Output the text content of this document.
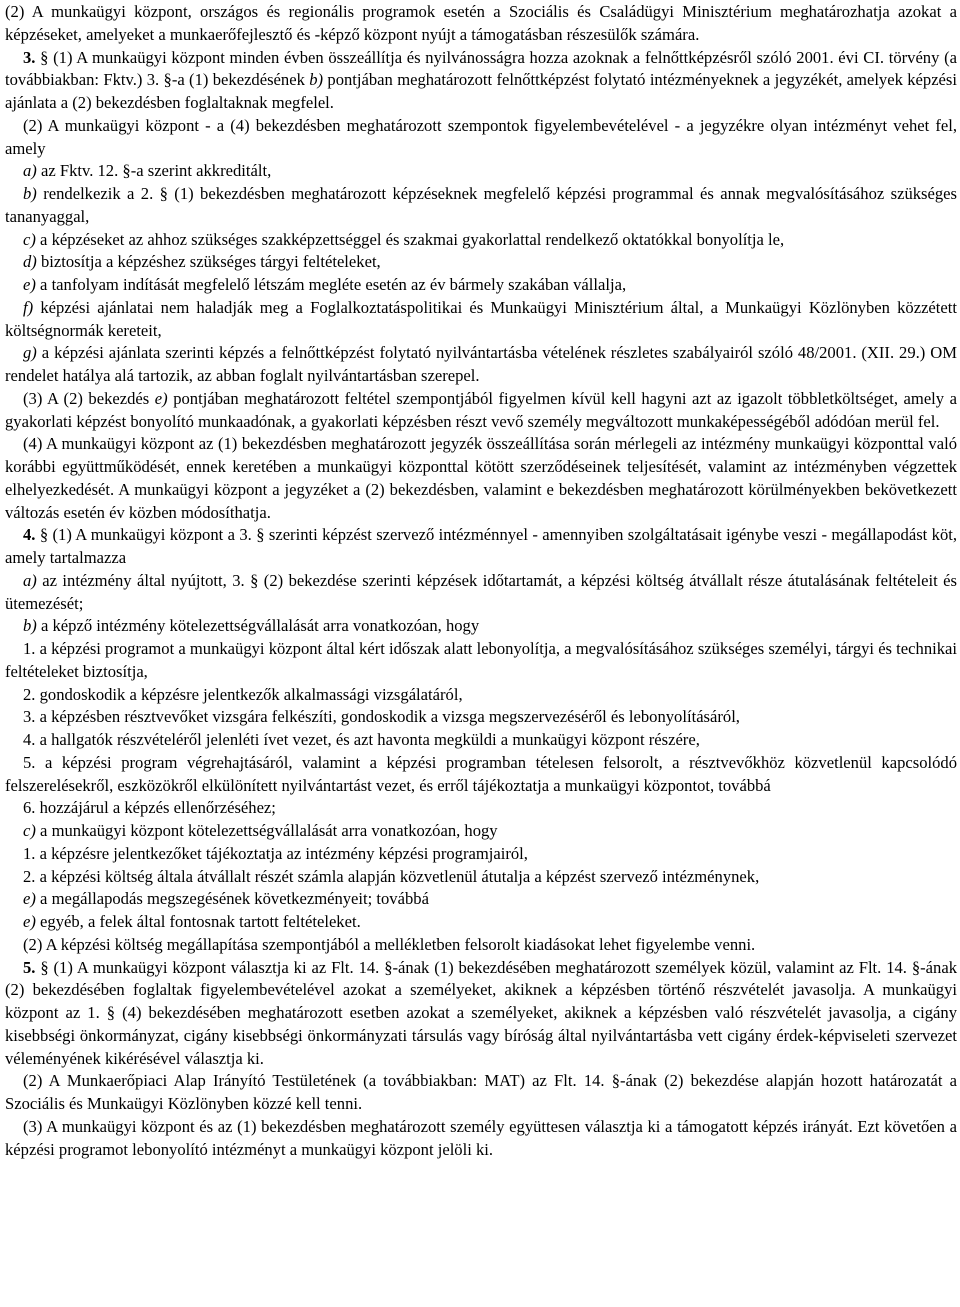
(2) A munkaügyi központ, országos és regionális programok esetén a Szociális és Családügyi Minisztérium meghatározhatja azokat a képzéseket, amelyeket a munkaerőfejlesztő és -képző központ nyújt a támogatásban részesülők számára.

3. § (1) A munkaügyi központ minden évben összeállítja és nyilvánosságra hozza azoknak a felnőttképzésről szóló 2001. évi CI. törvény (a továbbiakban: Fktv.) 3. §-a (1) bekezdésének b) pontjában meghatározott felnőttképzést folytató intézményeknek a jegyzékét, amelyek képzési ajánlata a (2) bekezdésben foglaltaknak megfelel.

(2) A munkaügyi központ - a (4) bekezdésben meghatározott szempontok figyelembevételével - a jegyzékre olyan intézményt vehet fel, amely

a) az Fktv. 12. §-a szerint akkreditált,

b) rendelkezik a 2. § (1) bekezdésben meghatározott képzéseknek megfelelő képzési programmal és annak megvalósításához szükséges tananyaggal,

c) a képzéseket az ahhoz szükséges szakképzettséggel és szakmai gyakorlattal rendelkező oktatókkal bonyolítja le,

d) biztosítja a képzéshez szükséges tárgyi feltételeket,

e) a tanfolyam indítását megfelelő létszám megléte esetén az év bármely szakában vállalja,

f) képzési ajánlatai nem haladják meg a Foglalkoztatáspolitikai és Munkaügyi Minisztérium által, a Munkaügyi Közlönyben közzétett költségnormák kereteit,

g) a képzési ajánlata szerinti képzés a felnőttképzést folytató nyilvántartásba vételének részletes szabályairól szóló 48/2001. (XII. 29.) OM rendelet hatálya alá tartozik, az abban foglalt nyilvántartásban szerepel.

(3) A (2) bekezdés e) pontjában meghatározott feltétel szempontjából figyelmen kívül kell hagyni azt az igazolt többletköltséget, amely a gyakorlati képzést bonyolító munkaadónak, a gyakorlati képzésben részt vevő személy megváltozott munkaképességéből adódóan merül fel.

(4) A munkaügyi központ az (1) bekezdésben meghatározott jegyzék összeállítása során mérlegeli az intézmény munkaügyi központtal való korábbi együttműködését, ennek keretében a munkaügyi központtal kötött szerződéseinek teljesítését, valamint az intézményben végzettek elhelyezkedését. A munkaügyi központ a jegyzéket a (2) bekezdésben, valamint e bekezdésben meghatározott körülményekben bekövetkezett változás esetén év közben módosíthatja.

4. § (1) A munkaügyi központ a 3. § szerinti képzést szervező intézménnyel - amennyiben szolgáltatásait igénybe veszi - megállapodást köt, amely tartalmazza

a) az intézmény által nyújtott, 3. § (2) bekezdése szerinti képzések időtartamát, a képzési költség átvállalt része átutalásának feltételeit és ütemezését;

b) a képző intézmény kötelezettségvállalását arra vonatkozóan, hogy

1. a képzési programot a munkaügyi központ által kért időszak alatt lebonyolítja, a megvalósításához szükséges személyi, tárgyi és technikai feltételeket biztosítja,

2. gondoskodik a képzésre jelentkezők alkalmassági vizsgálatáról,

3. a képzésben résztvevőket vizsgára felkészíti, gondoskodik a vizsga megszervezéséről és lebonyolításáról,

4. a hallgatók részvételéről jelenléti ívet vezet, és azt havonta megküldi a munkaügyi központ részére,

5. a képzési program végrehajtásáról, valamint a képzési programban tételesen felsorolt, a résztvevőkhöz közvetlenül kapcsolódó felszerelésekről, eszközökről elkülönített nyilvántartást vezet, és erről tájékoztatja a munkaügyi központot, továbbá

6. hozzájárul a képzés ellenőrzéséhez;

c) a munkaügyi központ kötelezettségvállalását arra vonatkozóan, hogy

1. a képzésre jelentkezőket tájékoztatja az intézmény képzési programjairól,

2. a képzési költség általa átvállalt részét számla alapján közvetlenül átutalja a képzést szervező intézménynek,

e) a megállapodás megszegésének következményeit; továbbá

e) egyéb, a felek által fontosnak tartott feltételeket.

(2) A képzési költség megállapítása szempontjából a mellékletben felsorolt kiadásokat lehet figyelembe venni.

5. § (1) A munkaügyi központ választja ki az Flt. 14. §-ának (1) bekezdésében meghatározott személyek közül, valamint az Flt. 14. §-ának (2) bekezdésében foglaltak figyelembevételével azokat a személyeket, akiknek a képzésben történő részvételét javasolja. A munkaügyi központ az 1. § (4) bekezdésében meghatározott esetben azokat a személyeket, akiknek a képzésben való részvételét javasolja, a cigány kisebbségi önkormányzat, cigány kisebbségi önkormányzati társulás vagy bíróság által nyilvántartásba vett cigány érdek-képviseleti szervezet véleményének kikérésével választja ki.

(2) A Munkaerőpiaci Alap Irányító Testületének (a továbbiakban: MAT) az Flt. 14. §-ának (2) bekezdése alapján hozott határozatát a Szociális és Munkaügyi Közlönyben közzé kell tenni.

(3) A munkaügyi központ és az (1) bekezdésben meghatározott személy együttesen választja ki a támogatott képzés irányát. Ezt követően a képzési programot lebonyolító intézményt a munkaügyi központ jelöli ki.
